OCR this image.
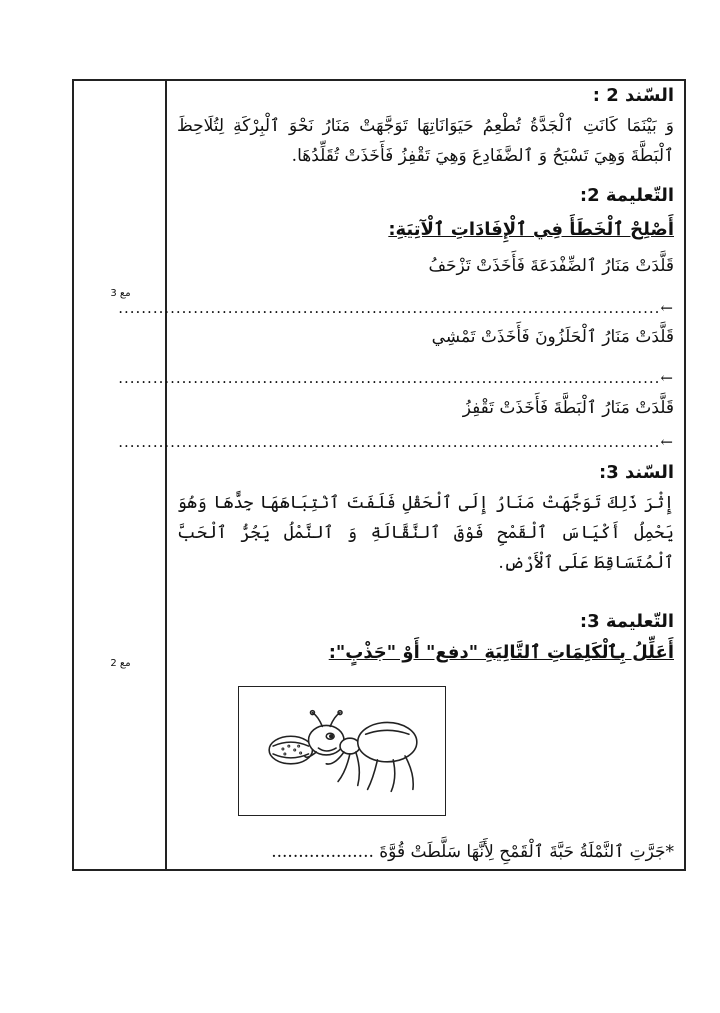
مع 3
مع 2
السّند 2 :
وَ بَيْنَمَا كَانَتِ ٱلْجَدَّةُ تُطْعِمُ حَيَوَانَاتِهَا تَوَجَّهَتْ مَنَارُ نَحْوَ ٱلْبِرْكَةِ لِتُلَاحِظَ ٱلْبَطَّةَ وَهِيَ تَسْبَحُ وَ ٱلضَّفَادِعَ وَهِيَ تَقْفِزُ فَأَخَذَتْ تُقَلِّدُهَا.
التّعليمة 2:
أَصْلِحْ ٱلْخَطَأَ فِي ٱلْإِفَادَاتِ ٱلْآتِيَةِ:
قَلَّدَتْ مَنَارُ ٱلضِّفْدَعَةَ فَأَخَذَتْ تَزْحَفُ
←..............................................................................................
قَلَّدَتْ مَنَارُ ٱلْحَلَزُونَ فَأَخَذَتْ تَمْشِي
←..............................................................................................
قَلَّدَتْ مَنَارُ ٱلْبَطَّةَ فَأَخَذَتْ تَقْفِزُ
←..............................................................................................
السّند 3:
إِثْرَ ذَلِكَ تَوَجَّهَتْ مَنَارُ إِلَى ٱلْحَقْلِ فَلَفَتَ ٱنْتِبَاهَهَا جِدًّهَا وَهُوَ يَحْمِلُ أَكْيَاسَ ٱلْقَمْحِ فَوْقَ ٱلنَّقَّالَةِ وَ ٱلنَّمْلُ يَجُرُّ ٱلْحَبَّ ٱلْمُتَسَاقِطَ عَلَى ٱلْأَرْضِ.
التّعليمة 3:
أَعَلِّلُ بِٱلْكَلِمَاتِ ٱلتَّالِيَةِ "دفع" أَوْ "جَذْبٍ":
*جَرَّتِ ٱلنَّمْلَةُ حَبَّةَ ٱلْقَمْحِ لِأَنَّهَا سَلَّطَتْ قُوَّةَ ...................
